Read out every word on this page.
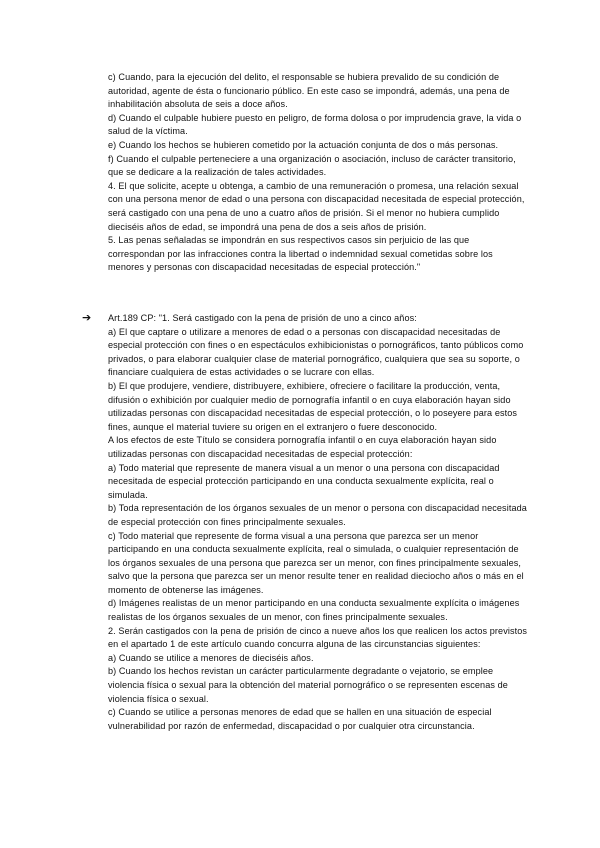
c) Cuando, para la ejecución del delito, el responsable se hubiera prevalido de su condición de autoridad, agente de ésta o funcionario público. En este caso se impondrá, además, una pena de inhabilitación absoluta de seis a doce años.

d) Cuando el culpable hubiere puesto en peligro, de forma dolosa o por imprudencia grave, la vida o salud de la víctima.

e) Cuando los hechos se hubieren cometido por la actuación conjunta de dos o más personas.

f) Cuando el culpable perteneciere a una organización o asociación, incluso de carácter transitorio, que se dedicare a la realización de tales actividades.

4. El que solicite, acepte u obtenga, a cambio de una remuneración o promesa, una relación sexual con una persona menor de edad o una persona con discapacidad necesitada de especial protección, será castigado con una pena de uno a cuatro años de prisión. Si el menor no hubiera cumplido dieciséis años de edad, se impondrá una pena de dos a seis años de prisión.

5. Las penas señaladas se impondrán en sus respectivos casos sin perjuicio de las que correspondan por las infracciones contra la libertad o indemnidad sexual cometidas sobre los menores y personas con discapacidad necesitadas de especial protección."

➔ Art.189 CP: "1. Será castigado con la pena de prisión de uno a cinco años:

a) El que captare o utilizare a menores de edad o a personas con discapacidad necesitadas de especial protección con fines o en espectáculos exhibicionistas o pornográficos, tanto públicos como privados, o para elaborar cualquier clase de material pornográfico, cualquiera que sea su soporte, o financiare cualquiera de estas actividades o se lucrare con ellas.

b) El que produjere, vendiere, distribuyere, exhibiere, ofreciere o facilitare la producción, venta, difusión o exhibición por cualquier medio de pornografía infantil o en cuya elaboración hayan sido utilizadas personas con discapacidad necesitadas de especial protección, o lo poseyere para estos fines, aunque el material tuviere su origen en el extranjero o fuere desconocido.

A los efectos de este Título se considera pornografía infantil o en cuya elaboración hayan sido utilizadas personas con discapacidad necesitadas de especial protección:

a) Todo material que represente de manera visual a un menor o una persona con discapacidad necesitada de especial protección participando en una conducta sexualmente explícita, real o simulada.

b) Toda representación de los órganos sexuales de un menor o persona con discapacidad necesitada de especial protección con fines principalmente sexuales.

c) Todo material que represente de forma visual a una persona que parezca ser un menor participando en una conducta sexualmente explícita, real o simulada, o cualquier representación de los órganos sexuales de una persona que parezca ser un menor, con fines principalmente sexuales, salvo que la persona que parezca ser un menor resulte tener en realidad dieciocho años o más en el momento de obtenerse las imágenes.

d) Imágenes realistas de un menor participando en una conducta sexualmente explícita o imágenes realistas de los órganos sexuales de un menor, con fines principalmente sexuales.

2. Serán castigados con la pena de prisión de cinco a nueve años los que realicen los actos previstos en el apartado 1 de este artículo cuando concurra alguna de las circunstancias siguientes:

a) Cuando se utilice a menores de dieciséis años.

b) Cuando los hechos revistan un carácter particularmente degradante o vejatorio, se emplee violencia física o sexual para la obtención del material pornográfico o se representen escenas de violencia física o sexual.

c) Cuando se utilice a personas menores de edad que se hallen en una situación de especial vulnerabilidad por razón de enfermedad, discapacidad o por cualquier otra circunstancia.
